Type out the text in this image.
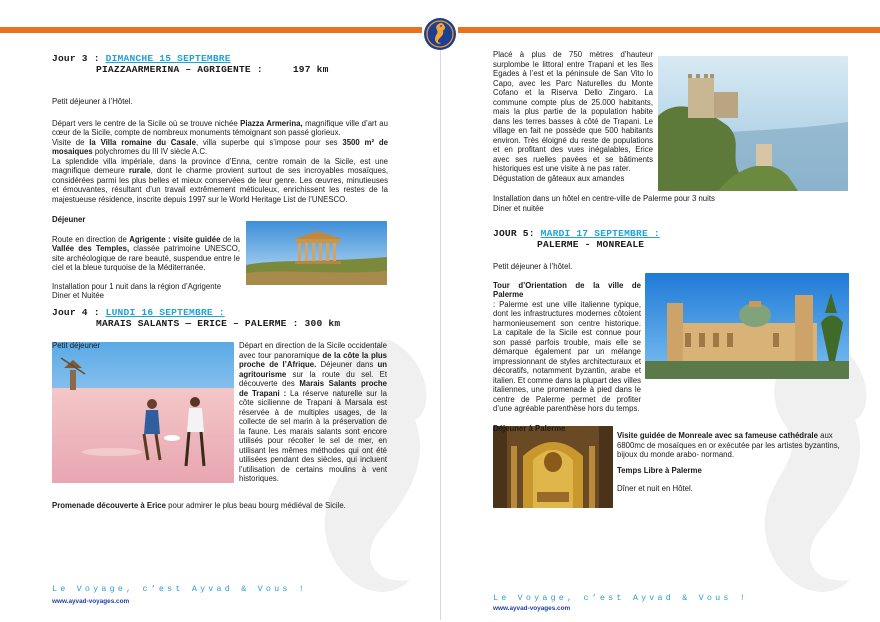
Jour 3 : DIMANCHE 15 SEPTEMBRE
PIAZZAARMERINA – AGRIGENTE :	197 km

Petit déjeuner à l’Hôtel.

Départ vers le centre de la Sicile où se trouve nichée Piazza Armerina, magnifique ville d’art au cœur de la Sicile, compte de nombreux monuments témoignant son passé glorieux.

Visite de la Villa romaine du Casale, villa superbe qui s’impose pour ses 3500 m² de mosaiques polychromes du III IV siècle A.C.

La splendide villa impériale, dans la province d’Enna, centre romain de la Sicile, est une magnifique demeure rurale, dont le charme provient surtout de ses incroyables mosaïques, considérées parmi les plus belles et mieux conservées de leur genre. Les œuvres, minutieuses et émouvantes, résultant d’un travail extrêmement méticuleux, enrichissent les restes de la majestueuse résidence, inscrite depuis 1997 sur le World Heritage List de l’UNESCO.

Déjeuner

Route en direction de Agrigente : visite guidée de la Vallée des Temples, classée patrimoine UNESCO, site archéologique de rare beauté, suspendue entre le ciel et la bleue turquoise de la Méditerranée.

Installation pour 1 nuit dans la région d’Agrigente

Diner et Nuitée

Jour 4 : LUNDI 16 SEPTEMBRE :
MARAIS SALANTS — ERICE – PALERME : 300 km

Petit déjeuner	Départ en direction de la Sicile occidentale avec tour panoramique de la côte la plus proche de l’Afrique. Déjeuner dans un agritourisme sur la route du sel. Et découverte des Marais Salants proche de Trapani : La réserve naturelle sur la côte sicilienne de Trapani à Marsala est réservée à de multiples usages, de la collecte de sel marin à la préservation de la faune. Les marais salants sont encore utilisés pour récolter le sel de mer, en utilisant les mêmes méthodes qui ont été utilisées pendant des siècles, qui incluent l’utilisation de certains moulins à vent historiques.

Promenade découverte à Erice pour admirer le plus beau bourg médiéval de Sicile.

Placé à plus de 750 mètres d’hauteur surplombe le littoral entre Trapani et les îles Egades à l’est et la péninsule de San Vito lo Capo, avec les Parc Naturelles du Monte Cofano et la Riserva Dello Zingaro. La commune compte plus de 25.000 habitants, mais la plus partie de la population habite dans les terres basses à côté de Trapani. Le village en fait ne possède que 500 habitants environ. Très éloigné du reste de populations et en profitant des vues inégalables, Erice avec ses ruelles pavées et se bâtiments historiques est une visite à ne pas rater.

Dégustation de gâteaux aux amandes

Installation dans un hôtel en centre-ville de Palerme pour 3 nuits

Diner et nuitée

JOUR 5: MARDI 17 SEPTEMBRE :
PALERME - MONREALE

Petit déjeuner à l’hôtel.

Tour d’Orientation de la ville de Palerme
: Palerme est une ville italienne typique, dont les infrastructures modernes côtoient harmonieusement son centre historique. La capitale de la Sicile est connue pour son passé parfois trouble, mais elle se démarque également par un mélange impressionnant de styles architecturaux et décoratifs, notamment byzantin, arabe et italien. Et comme dans la plupart des villes italiennes, une promenade à pied dans le centre de Palerme permet de profiter d’une agréable parenthèse hors du temps.

Déjeuner à Palerme

Visite guidée de Monreale avec sa fameuse cathédrale aux 6800mc de mosaïques en or exécutée par les artistes byzantins, bijoux du monde arabo- normand.

Temps Libre à Palerme

Dîner et nuit en Hôtel.

Le Voyage, c’est Ayvad & Vous !
www.ayvad-voyages.com	Le Voyage, c’est Ayvad & Vous !
www.ayvad-voyages.com
